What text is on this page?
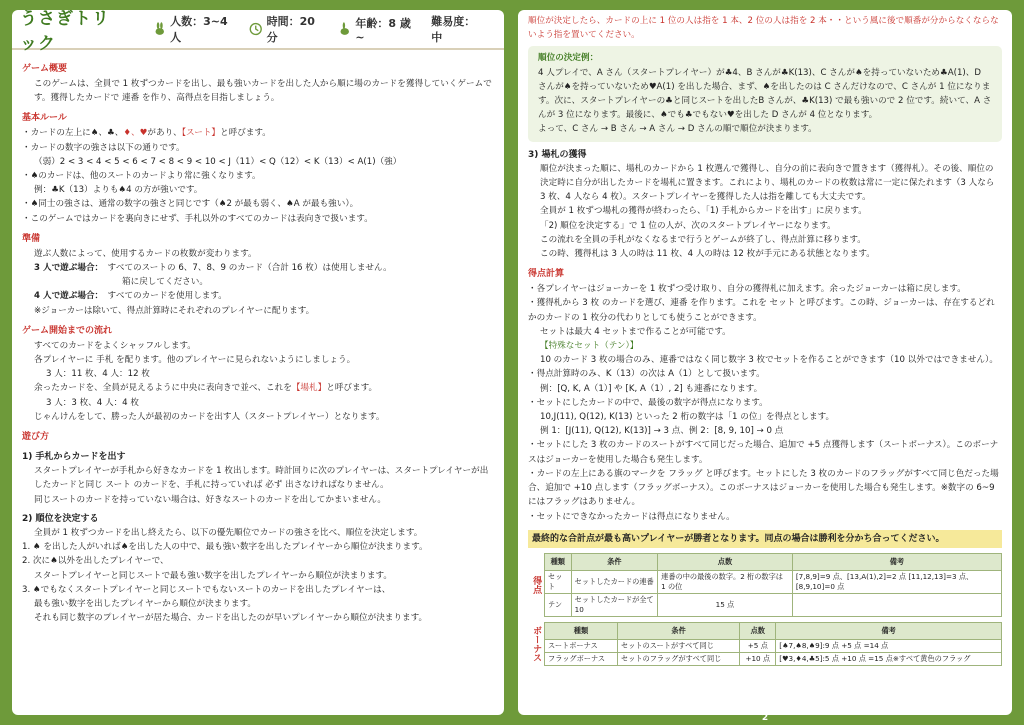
うさぎトリック
人数：3~4 人
時間：20 分
年齢：8 歳 ~
難易度：中
ゲーム概要

このゲームは、全員で 1 枚ずつカードを出し、最も強いカードを出した人から順に場のカードを獲得していくゲームです。獲得したカードで 連番 を作り、高得点を目指しましょう。

基本ルール

・カードの左上に♠、♣、♦、♥があり、【スート】と呼びます。

・カードの数字の強さは以下の通りです。

（弱）2 < 3 < 4 < 5 < 6 < 7 < 8 < 9 < 10 < J（11）< Q（12）< K（13）< A(1)（強）

・♠のカードは、他のスートのカードより常に強くなります。

例：♣K（13）よりも♠4 の方が強いです。

・♠同士の強さは、通常の数字の強さと同じです（♠2 が最も弱く、♠A が最も強い）。

・このゲームではカードを裏向きにせず、手札以外のすべてのカードは表向きで扱います。

準備

遊ぶ人数によって、使用するカードの枚数が変わります。

3 人で遊ぶ場合：　 すべてのスートの 6、7、8、9 のカード（合計 16 枚）は使用しません。

箱に戻してください。

4 人で遊ぶ場合：　 すべてのカードを使用します。

※ジョーカーは除いて、得点計算時にそれぞれのプレイヤーに配ります。

ゲーム開始までの流れ

すべてのカードをよくシャッフルします。

各プレイヤーに 手札 を配ります。他のプレイヤーに見られないようにしましょう。

3 人：11 枚、4 人：12 枚

余ったカードを、全員が見えるように中央に表向きで並べ、これを【場札】と呼びます。

3 人：3 枚、4 人：4 枚

じゃんけんをして、勝った人が最初のカードを出す人（スタートプレイヤー）となります。

遊び方
1) 手札からカードを出す

スタートプレイヤーが手札から好きなカードを 1 枚出します。時計回りに次のプレイヤーは、スタートプレイヤーが出したカードと同じ スート のカードを、手札に持っていれば 必ず 出さなければなりません。

同じスートのカードを持っていない場合は、好きなスートのカードを出してかまいません。

2) 順位を決定する

全員が 1 枚ずつカードを出し終えたら、以下の優先順位でカードの強さを比べ、順位を決定します。

1. ♠ を出した人がいれば♠を出した人の中で、最も強い数字を出したプレイヤーから順位が決まります。

2. 次に♠以外を出したプレイヤーで、

スタートプレイヤーと同じスートで最も強い数字を出したプレイヤーから順位が決まります。

3. ♠でもなくスタートプレイヤーと同じスートでもないスートのカードを出したプレイヤーは、

最も強い数字を出したプレイヤーから順位が決まります。

それも同じ数字のプレイヤーが居た場合、カードを出したのが早いプレイヤーから順位が決まります。

順位が決定したら、カードの上に 1 位の人は指を 1 本、2 位の人は指を 2 本・・という風に後で順番が分からなくならないよう指を置いてください。

順位の決定例：

4 人プレイで、A さん（スタートプレイヤー）が♣4、B さんが♣K(13)、C さんが♠を持っていないため♣A(1)、D さんが♠を持っていないため♥A(1) を出した場合、まず、♠を出したのは C さんだけなので、C さんが 1 位になります。次に、スタートプレイヤーの♣と同じスートを出したB さんが、♣K(13) で最も強いので 2 位です。続いて、A さんが 3 位になります。最後に、♠でも♣でもない♥を出した D さんが 4 位となります。

よって、C さん → B さん → A さん → D さんの順で順位が決まります。

3) 場札の獲得

順位が決まった順に、場札のカードから 1 枚選んで獲得し、自分の前に表向きで置きます（獲得札）。その後、順位の決定時に自分が出したカードを場札に置きます。これにより、場札のカードの枚数は常に一定に保たれます（3 人なら 3 枚、4 人なら 4 枚）。スタートプレイヤーを獲得した人は指を離しても大丈夫です。

全員が 1 枚ずつ場札の獲得が終わったら、「1) 手札からカードを出す」に戻ります。

「2) 順位を決定する」で 1 位の人が、次のスタートプレイヤーになります。

この流れを全員の手札がなくなるまで行うとゲームが終了し、得点計算に移ります。

この時、獲得札は 3 人の時は 11 枚、4 人の時は 12 枚が手元にある状態となります。

得点計算

・各プレイヤーはジョーカーを 1 枚ずつ受け取り、自分の獲得札に加えます。余ったジョーカーは箱に戻します。

・獲得札から 3 枚 のカードを選び、連番 を作ります。これを セット と呼びます。この時、ジョーカーは、存在するどれかのカードの 1 枚分の代わりとしても使うことができます。

セットは最大 4 セットまで作ることが可能です。

【特殊なセット（テン）】

10 のカード 3 枚の場合のみ、連番ではなく同じ数字 3 枚でセットを作ることができます（10 以外ではできません）。

・得点計算時のみ、K（13）の次は A（1）として扱います。

例：[Q, K, A（1）] や [K, A（1）, 2] も連番になります。

・セットにしたカードの中で、最後の数字が得点になります。

10,J(11), Q(12), K(13) といった 2 桁の数字は「1 の位」を得点とします。

例 1：[J(11), Q(12), K(13)] → 3 点、例 2：[8, 9, 10] → 0 点

・セットにした 3 枚のカードのスートがすべて同じだった場合、追加で +5 点獲得します（スートボーナス）。このボーナスはジョーカーを使用した場合も発生します。

・カードの左上にある旗のマークを フラッグ と呼びます。セットにした 3 枚のカードのフラッグがすべて同じ色だった場合、追加で +10 点します（フラッグボーナス）。このボーナスはジョーカーを使用した場合も発生します。※数字の 6~9 にはフラッグはありません。

・セットにできなかったカードは得点になりません。

最終的な合計点が最も高いプレイヤーが勝者となります。同点の場合は勝利を分かち合ってください。
得点
種類	条件	点数	備考
セット	セットしたカードの連番	連番の中の最後の数字。2 桁の数字は 1 の位	[7,8,9]=9 点、[13,A(1),2]=2 点 [11,12,13]=3 点、[8,9,10]=0 点
テン	セットしたカードが全て 10	15 点	
ボーナス	種類	条件	点数	備考
スートボーナス	セットのスートがすべて同じ	+5 点	[♠7,♠8,♠9]:9 点 +5 点 =14 点
フラッグボーナス	セットのフラッグがすべて同じ	+10 点	[♥3,♦4,♣5]:5 点 +10 点 =15 点※すべて黄色のフラッグ
2
